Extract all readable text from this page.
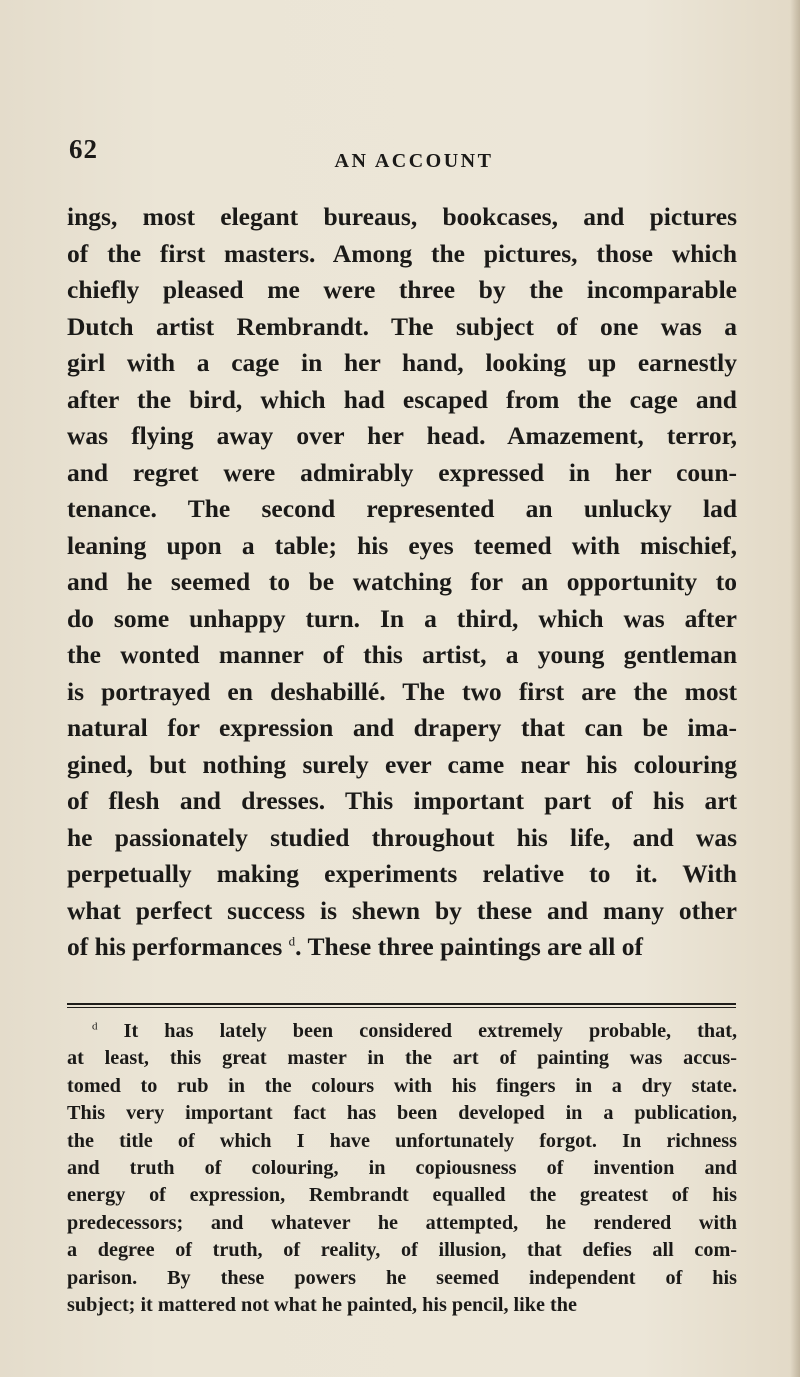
62	AN ACCOUNT
ings, most elegant bureaus, bookcases, and pictures
of the first masters. Among the pictures, those which
chiefly pleased me were three by the incomparable
Dutch artist Rembrandt. The subject of one was a
girl with a cage in her hand, looking up earnestly
after the bird, which had escaped from the cage and
was flying away over her head. Amazement, terror,
and regret were admirably expressed in her coun-
tenance. The second represented an unlucky lad
leaning upon a table; his eyes teemed with mischief,
and he seemed to be watching for an opportunity to
do some unhappy turn. In a third, which was after
the wonted manner of this artist, a young gentleman
is portrayed en deshabillé. The two first are the most
natural for expression and drapery that can be ima-
gined, but nothing surely ever came near his colouring
of flesh and dresses. This important part of his art
he passionately studied throughout his life, and was
perpetually making experiments relative to it. With
what perfect success is shewn by these and many other
of his performances $^d$. These three paintings are all of
$^d$ It has lately been considered extremely probable, that,
at least, this great master in the art of painting was accus-
tomed to rub in the colours with his fingers in a dry state.
This very important fact has been developed in a publication,
the title of which I have unfortunately forgot. In richness
and truth of colouring, in copiousness of invention and
energy of expression, Rembrandt equalled the greatest of his
predecessors; and whatever he attempted, he rendered with
a degree of truth, of reality, of illusion, that defies all com-
parison. By these powers he seemed independent of his
subject; it mattered not what he painted, his pencil, like the
